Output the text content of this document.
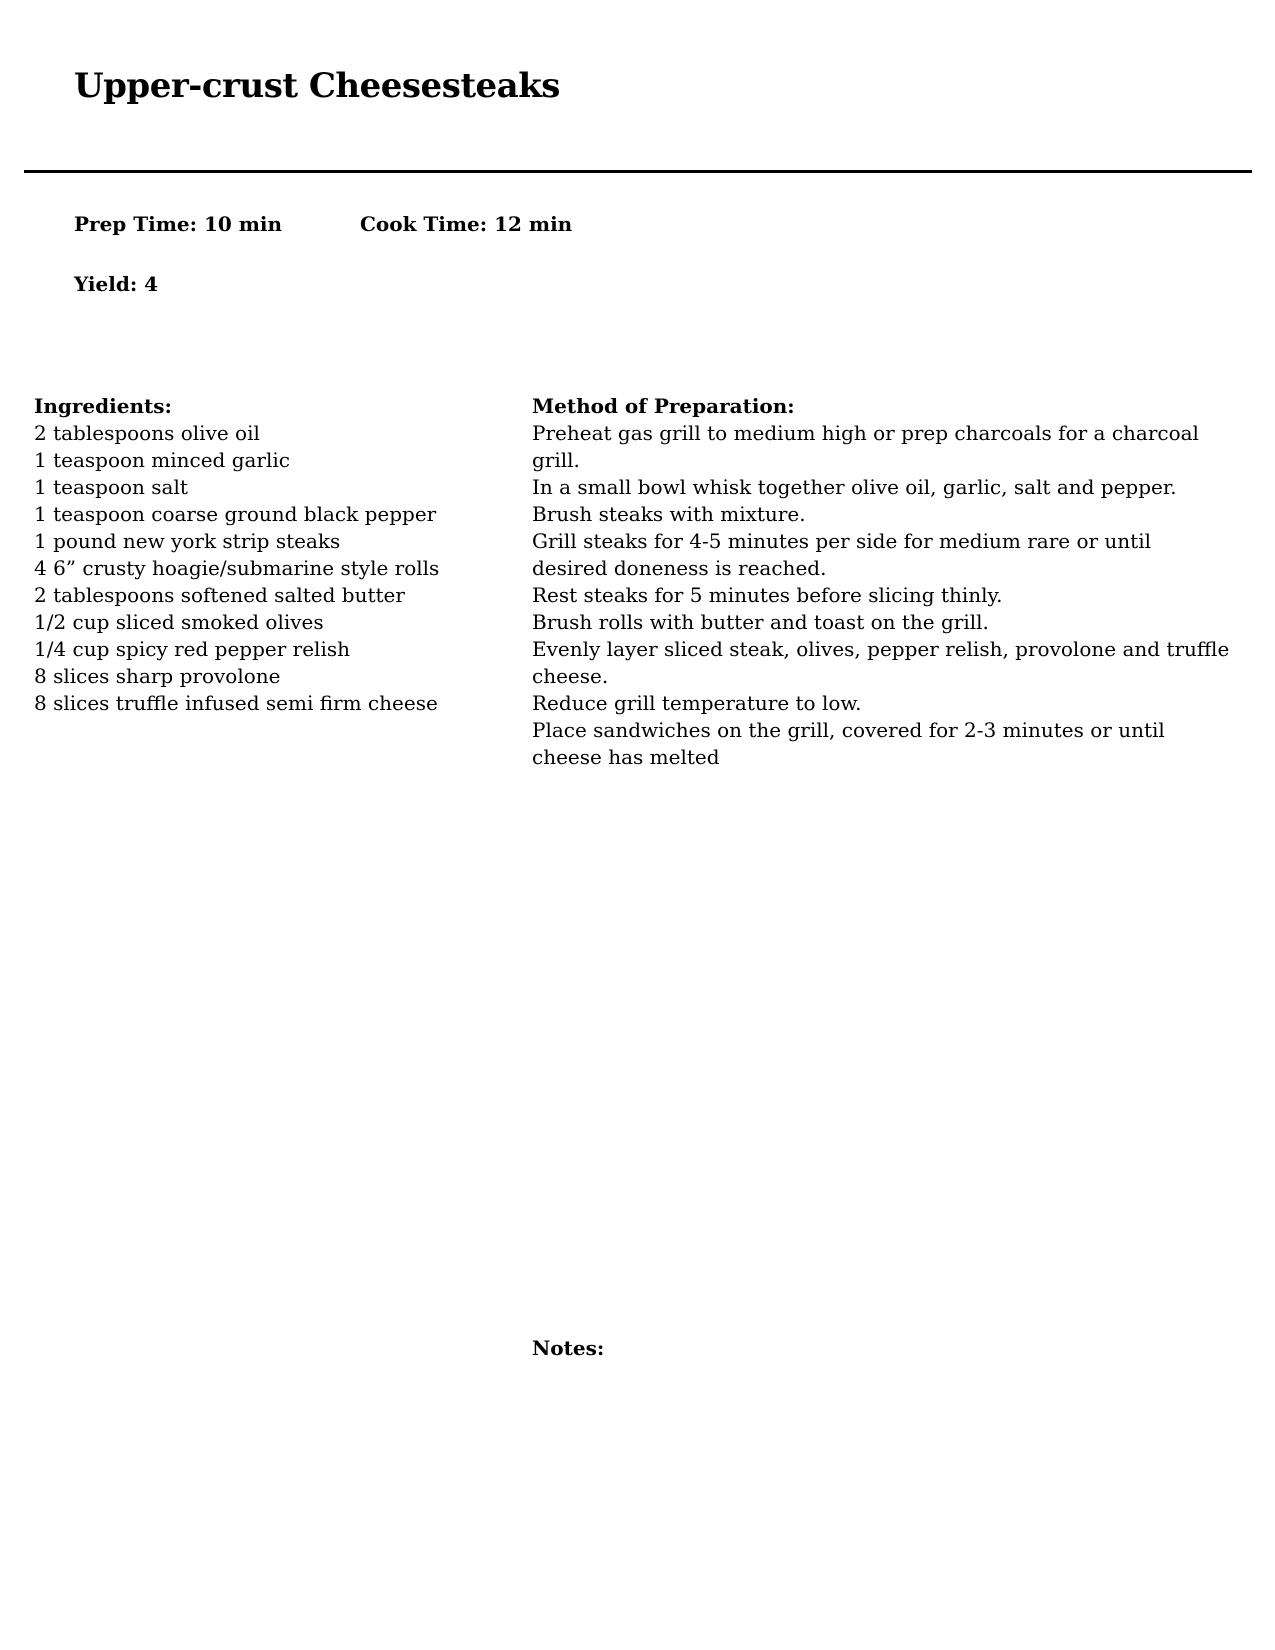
Upper-crust Cheesesteaks
Prep Time: 10 min	Cook Time: 12 min
Yield: 4
Ingredients:
2 tablespoons olive oil
1 teaspoon minced garlic
1 teaspoon salt
1 teaspoon coarse ground black pepper
1 pound new york strip steaks
4 6” crusty hoagie/submarine style rolls
2 tablespoons softened salted butter
1/2 cup sliced smoked olives
1/4 cup spicy red pepper relish
8 slices sharp provolone
8 slices truffle infused semi firm cheese
Method of Preparation:
Preheat gas grill to medium high or prep charcoals for a charcoal grill.
In a small bowl whisk together olive oil, garlic, salt and pepper.
Brush steaks with mixture.
Grill steaks for 4-5 minutes per side for medium rare or until desired doneness is reached.
Rest steaks for 5 minutes before slicing thinly.
Brush rolls with butter and toast on the grill.
Evenly layer sliced steak, olives, pepper relish, provolone and truffle cheese.
Reduce grill temperature to low.
Place sandwiches on the grill, covered for 2-3 minutes or until cheese has melted
Notes:
